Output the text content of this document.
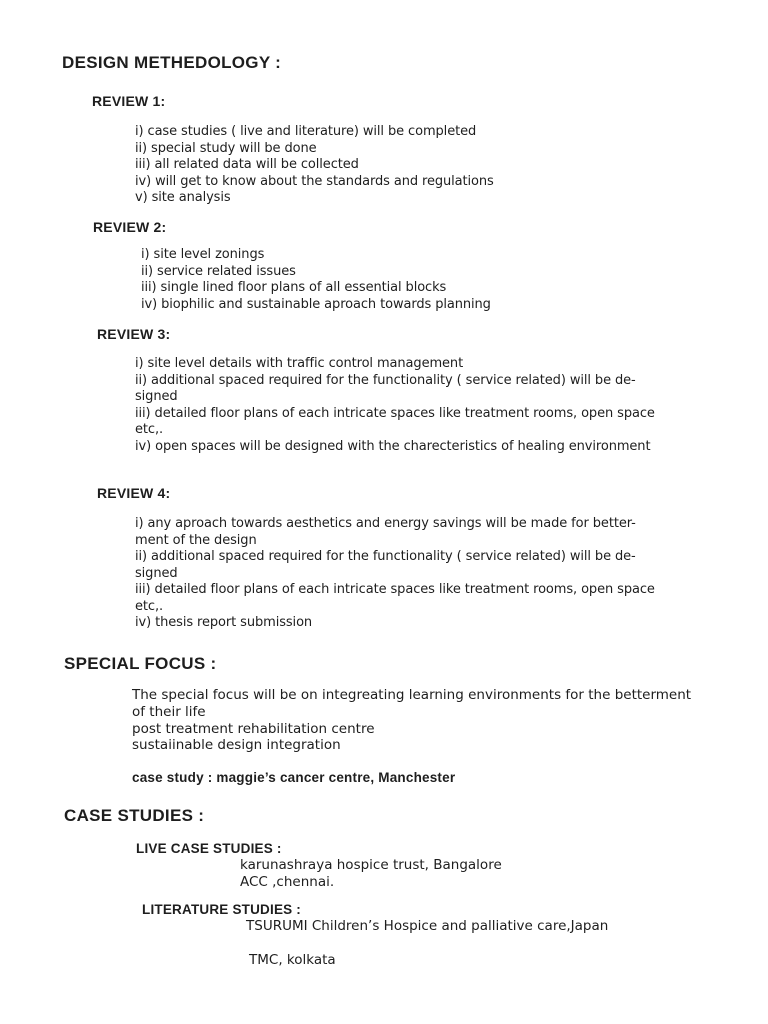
DESIGN METHEDOLOGY :
REVIEW 1:
i) case studies ( live and literature) will be completed
ii) special study will be done
iii) all related data will be collected
iv) will get to know about the standards and regulations
v) site analysis
REVIEW 2:
i) site level zonings
ii) service related issues
iii) single lined floor plans of all essential blocks
iv) biophilic and sustainable aproach towards planning
REVIEW 3:
i) site level details with traffic control management
ii) additional spaced required for the functionality ( service related) will be de-
signed
iii) detailed floor plans of each intricate spaces like treatment rooms, open space
etc,.
iv) open spaces will be designed with the charecteristics of healing environment
REVIEW 4:
i) any aproach towards aesthetics and energy savings will be made for better-
ment of the design
ii) additional spaced required for the functionality ( service related) will be de-
signed
iii) detailed floor plans of each intricate spaces like treatment rooms, open space
etc,.
iv) thesis report submission
SPECIAL FOCUS :
The special focus will be on integreating learning environments for the betterment
of their life
post treatment rehabilitation centre
sustaiinable design integration
case study : maggie’s cancer centre, Manchester
CASE STUDIES :
LIVE CASE STUDIES :
karunashraya hospice trust, Bangalore
ACC ,chennai.
LITERATURE STUDIES :
TSURUMI Children’s Hospice and palliative care,Japan
TMC, kolkata
